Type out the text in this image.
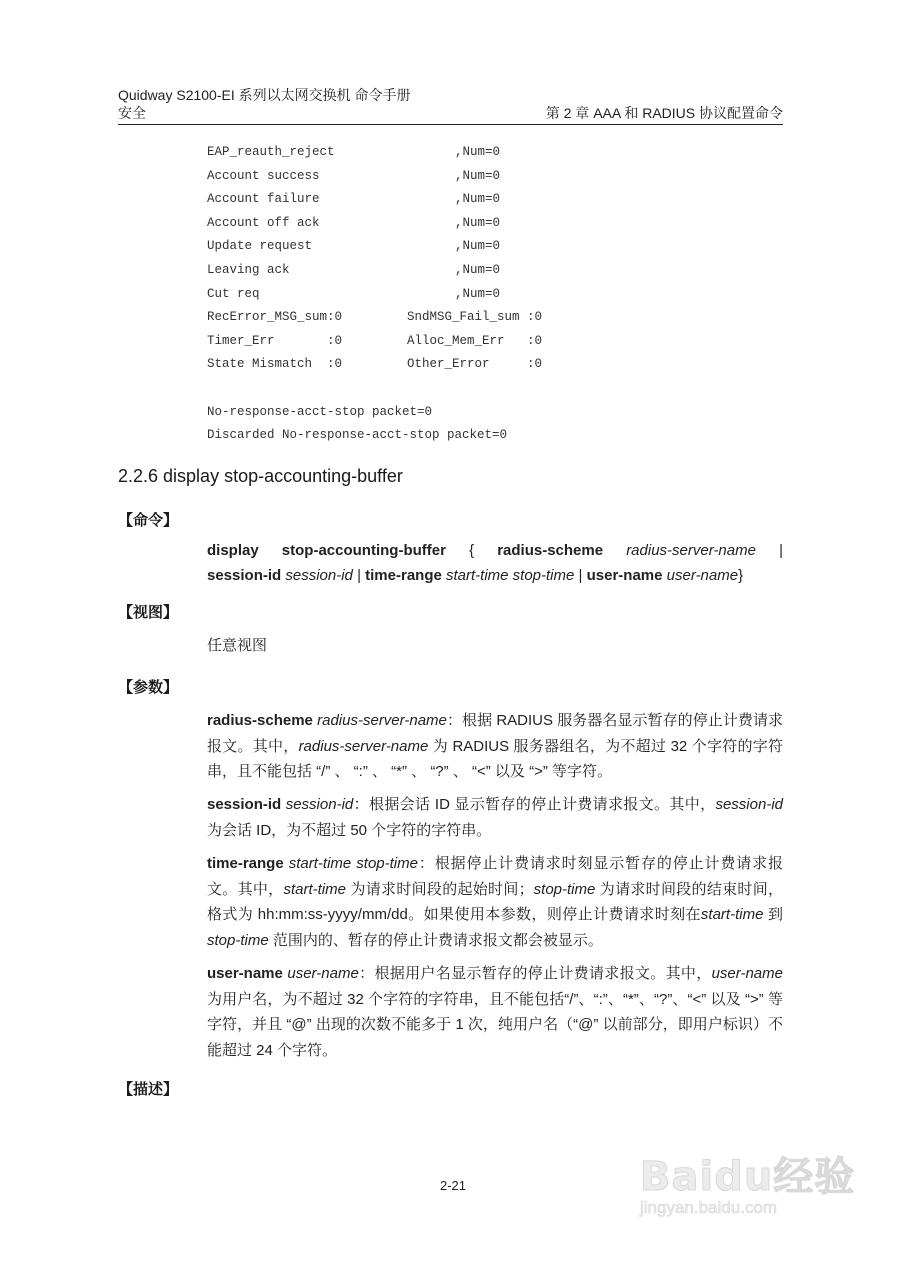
Quidway S2100-EI 系列以太网交换机 命令手册
安全	第 2 章 AAA 和 RADIUS 协议配置命令
EAP_reauth_reject	,Num=0
Account success	,Num=0
Account failure	,Num=0
Account off ack	,Num=0
Update request	,Num=0
Leaving ack	,Num=0
Cut req	,Num=0
RecError_MSG_sum:0	SndMSG_Fail_sum :0
Timer_Err       :0	Alloc_Mem_Err   :0
State Mismatch  :0	Other_Error     :0
No-response-acct-stop packet=0
Discarded No-response-acct-stop packet=0
2.2.6 display stop-accounting-buffer
【命令】
display stop-accounting-buffer { radius-scheme radius-server-name |
session-id session-id | time-range start-time stop-time | user-name user-name}
【视图】
任意视图
【参数】
radius-scheme radius-server-name：根据 RADIUS 服务器名显示暂存的停止计费请求报文。其中，radius-server-name 为 RADIUS 服务器组名，为不超过 32 个字符的字符串，且不能包括 “/” 、 “:” 、 “*” 、 “?” 、 “<” 以及 “>” 等字符。
session-id session-id：根据会话 ID 显示暂存的停止计费请求报文。其中，session-id为会话 ID，为不超过 50 个字符的字符串。
time-range start-time stop-time：根据停止计费请求时刻显示暂存的停止计费请求报文。其中，start-time 为请求时间段的起始时间；stop-time 为请求时间段的结束时间，格式为 hh:mm:ss-yyyy/mm/dd。如果使用本参数，则停止计费请求时刻在start-time 到 stop-time 范围内的、暂存的停止计费请求报文都会被显示。
user-name user-name：根据用户名显示暂存的停止计费请求报文。其中，user-name 为用户名，为不超过 32 个字符的字符串，且不能包括“/”、“:”、“*”、“?”、“<” 以及 “>” 等字符，并且 “@” 出现的次数不能多于 1 次，纯用户名（“@” 以前部分，即用户标识）不能超过 24 个字符。
【描述】
2-21	Baidu经验
jingyan.baidu.com
